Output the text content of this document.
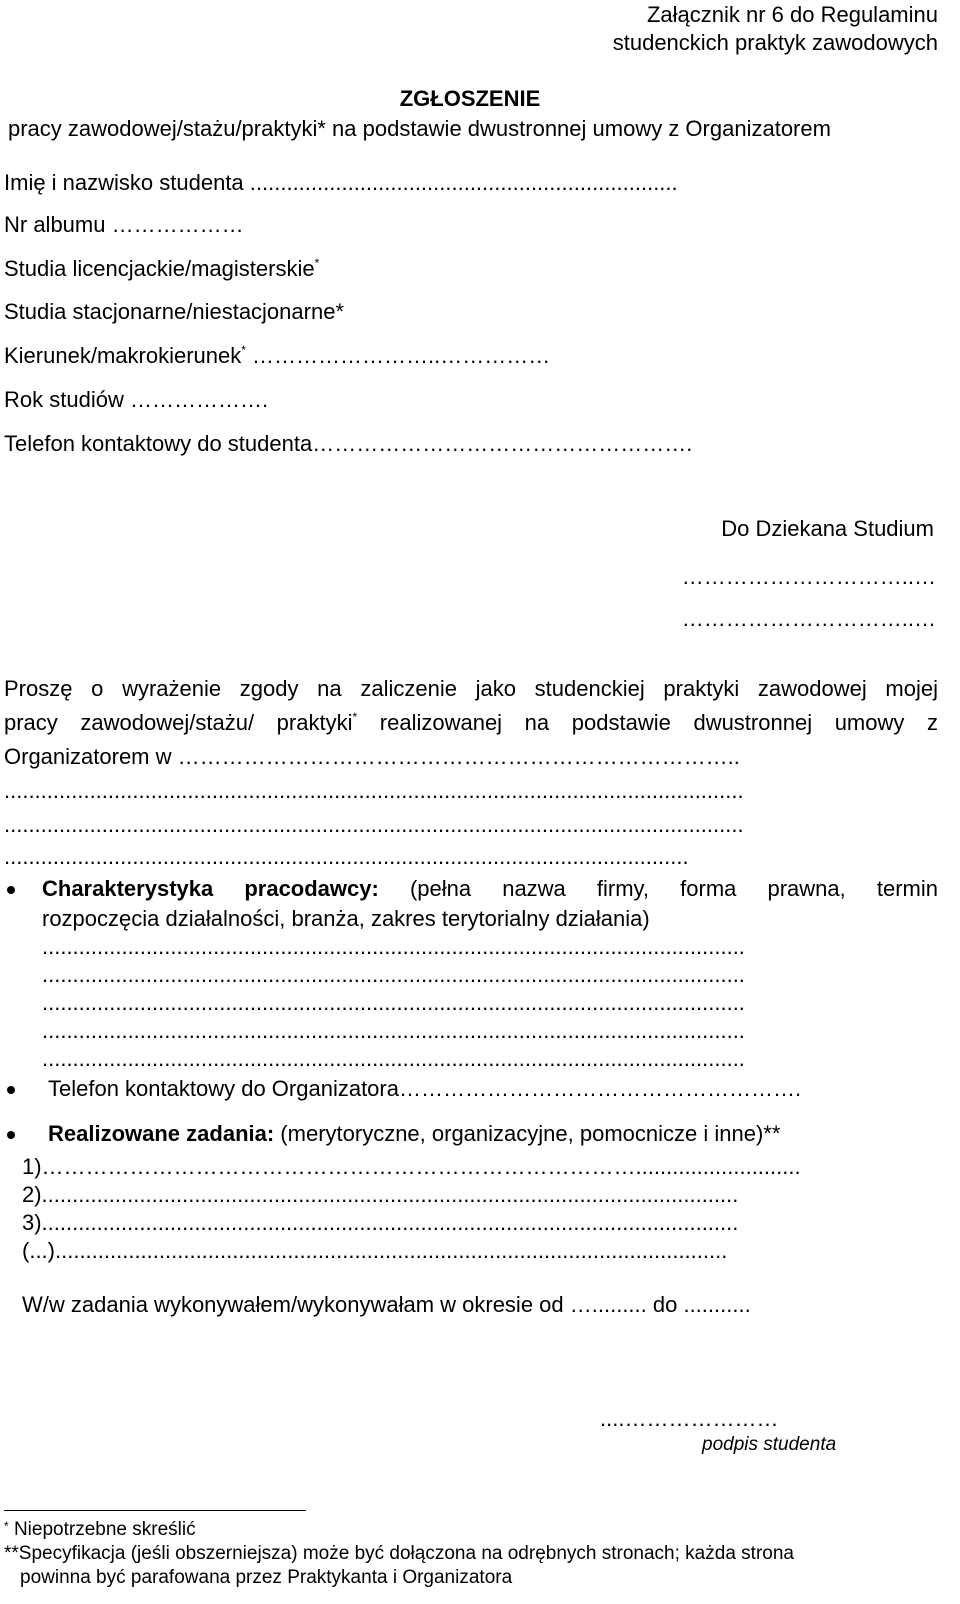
Załącznik nr 6 do Regulaminu
studenckich praktyk zawodowych
ZGŁOSZENIE
pracy zawodowej/stażu/praktyki* na podstawie dwustronnej umowy z Organizatorem
Imię i nazwisko studenta ......................................................................
Nr albumu ………………
Studia licencjackie/magisterskie*
Studia stacjonarne/niestacjonarne*
Kierunek/makrokierunek* ……………………..……………
Rok studiów ……………….
Telefon kontaktowy do studenta…………………………………………….
Do Dziekana Studium
…………………………..…
…………………………..…
Proszę o wyrażenie zgody na zaliczenie jako studenckiej praktyki zawodowej mojej
pracy zawodowej/stażu/ praktyki* realizowanej na podstawie dwustronnej umowy z
Organizatorem w …………………………………………………………………..
.........................................................................................................................
.........................................................................................................................
................................................................................................................
Charakterystyka pracodawcy: (pełna nazwa firmy, forma prawna, termin
rozpoczęcia działalności, branża, zakres terytorialny działania)
...................................................................................................................
...................................................................................................................
...................................................................................................................
...................................................................................................................
...................................................................................................................
Telefon kontaktowy do Organizatora……………………………………………….
Realizowane zadania: (merytoryczne, organizacyjne, pomocnicze i inne)**
1)………………………………………………………………………...........................
2)..................................................................................................................
3)..................................................................................................................
(...)..............................................................................................................
W/w zadania wykonywałem/wykonywałam w okresie od …......... do ...........
....…………………
podpis studenta
* Niepotrzebne skreślić
**Specyfikacja (jeśli obszerniejsza) może być dołączona na odrębnych stronach; każda strona
powinna być parafowana przez Praktykanta i Organizatora
